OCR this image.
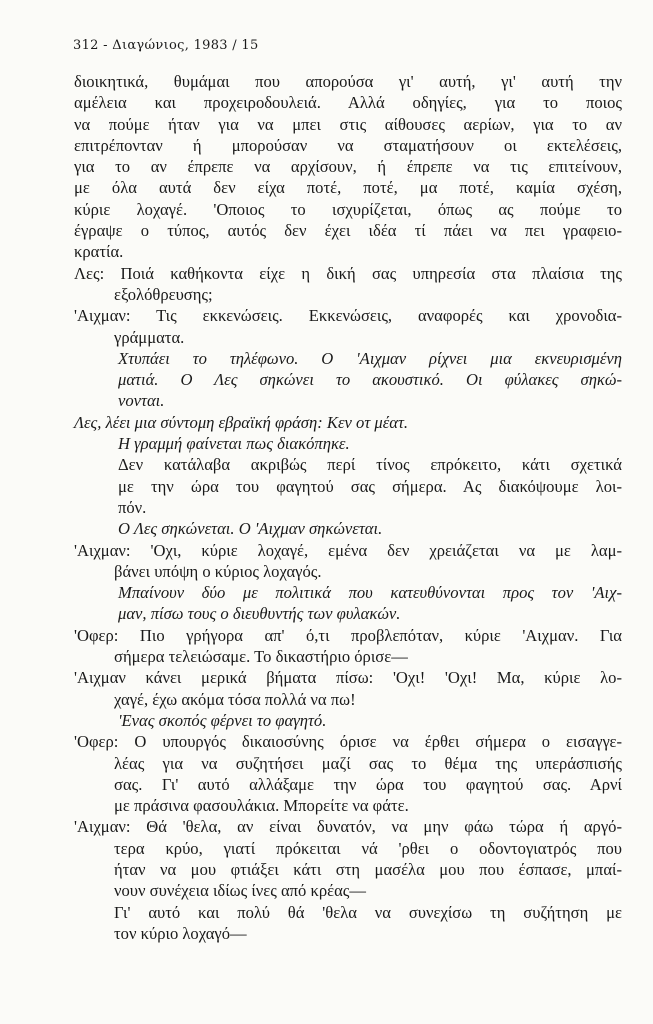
312 - Διαγώνιος, 1983 / 15
διοικητικά, θυμάμαι που απορούσα γι' αυτή, γι' αυτή την
αμέλεια και προχειροδουλειά. Αλλά οδηγίες, για το ποιος
να πούμε ήταν για να μπει στις αίθουσες αερίων, για το αν
επιτρέπονταν ή μπορούσαν να σταματήσουν οι εκτελέσεις,
για το αν έπρεπε να αρχίσουν, ή έπρεπε να τις επιτείνουν,
με όλα αυτά δεν είχα ποτέ, ποτέ, μα ποτέ, καμία σχέση,
κύριε λοχαγέ. 'Οποιος το ισχυρίζεται, όπως ας πούμε το
έγραψε ο τύπος, αυτός δεν έχει ιδέα τί πάει να πει γραφειο-
κρατία.
Λες: Ποιά καθήκοντα είχε η δική σας υπηρεσία στα πλαίσια της
εξολόθρευσης;
'Αιχμαν: Τις εκκενώσεις. Εκκενώσεις, αναφορές και χρονοδια-
γράμματα.
Χτυπάει το τηλέφωνο. Ο 'Αιχμαν ρίχνει μια εκνευρισμένη
ματιά. Ο Λες σηκώνει το ακουστικό. Οι φύλακες σηκώ-
νονται.
Λες, λέει μια σύντομη εβραϊκή φράση: Κεν οτ μέατ.
Η γραμμή φαίνεται πως διακόπηκε.
Δεν κατάλαβα ακριβώς περί τίνος επρόκειτο, κάτι σχετικά
με την ώρα του φαγητού σας σήμερα. Ας διακόψουμε λοι-
πόν.
Ο Λες σηκώνεται. Ο 'Αιχμαν σηκώνεται.
'Αιχμαν: 'Οχι, κύριε λοχαγέ, εμένα δεν χρειάζεται να με λαμ-
βάνει υπόψη ο κύριος λοχαγός.
Μπαίνουν δύο με πολιτικά που κατευθύνονται προς τον 'Αιχ-
μαν, πίσω τους ο διευθυντής των φυλακών.
'Οφερ: Πιο γρήγορα απ' ό,τι προβλεπόταν, κύριε 'Αιχμαν. Για
σήμερα τελειώσαμε. Το δικαστήριο όρισε—
'Αιχμαν κάνει μερικά βήματα πίσω: 'Οχι! 'Οχι! Μα, κύριε λο-
χαγέ, έχω ακόμα τόσα πολλά να πω!
'Ενας σκοπός φέρνει το φαγητό.
'Οφερ: Ο υπουργός δικαιοσύνης όρισε να έρθει σήμερα ο εισαγγε-
λέας για να συζητήσει μαζί σας το θέμα της υπεράσπισής
σας. Γι' αυτό αλλάξαμε την ώρα του φαγητού σας. Αρνί
με πράσινα φασουλάκια. Μπορείτε να φάτε.
'Αιχμαν: Θά 'θελα, αν είναι δυνατόν, να μην φάω τώρα ή αργό-
τερα κρύο, γιατί πρόκειται νά 'ρθει ο οδοντογιατρός που
ήταν να μου φτιάξει κάτι στη μασέλα μου που έσπασε, μπαί-
νουν συνέχεια ιδίως ίνες από κρέας—
Γι' αυτό και πολύ θά 'θελα να συνεχίσω τη συζήτηση με
τον κύριο λοχαγό—
